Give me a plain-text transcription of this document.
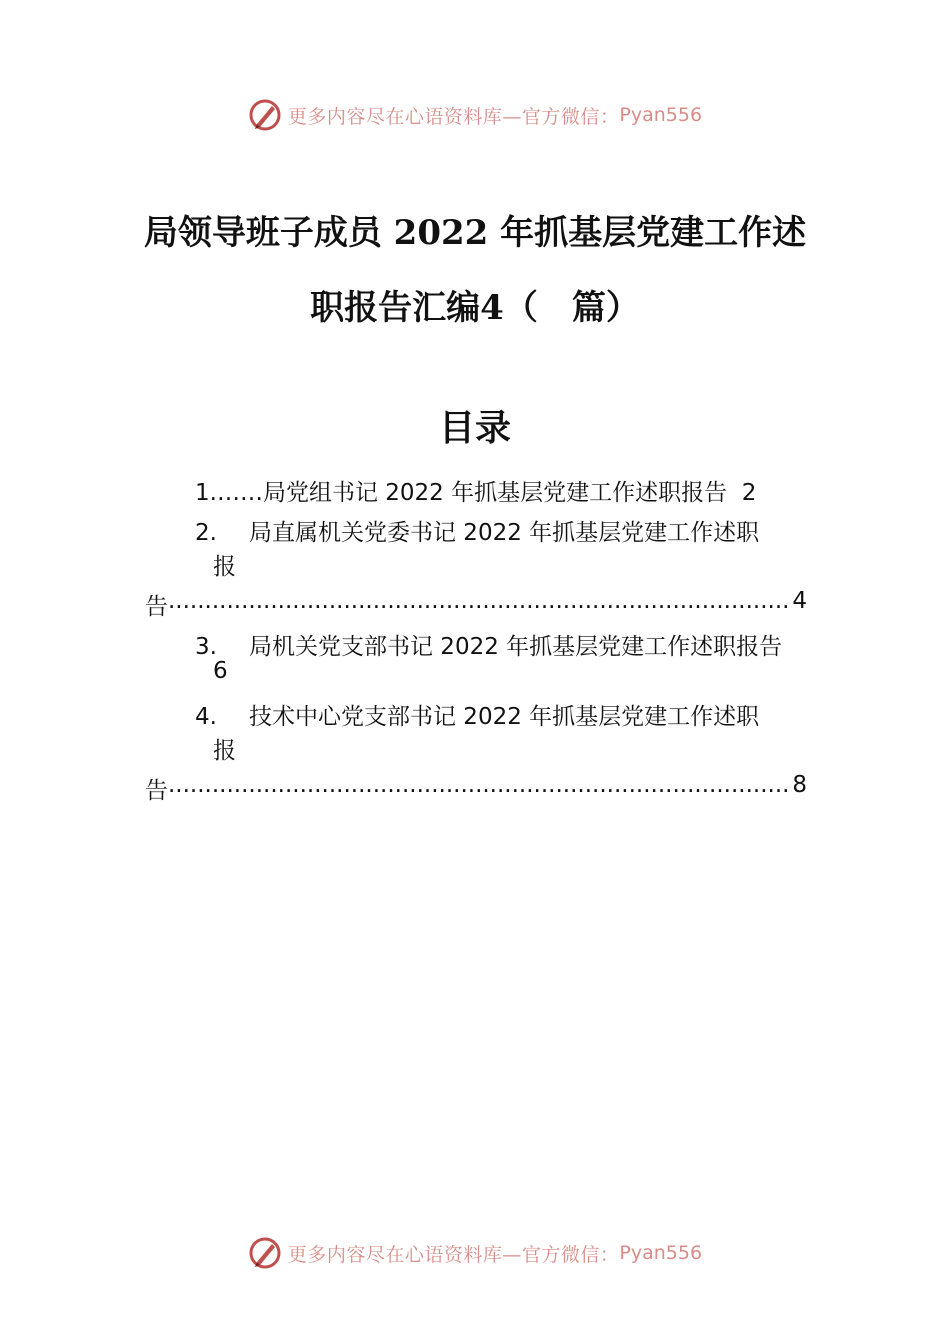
更多内容尽在心语资料库—官方微信： Pyan556
局领导班子成员 2022 年抓基层党建工作述
职报告汇编4（　篇）
目录
1.……局党组书记 2022 年抓基层党建工作述职报告 2
2. 局直属机关党委书记 2022 年抓基层党建工作述职
报
告 .....	4
3. 局机关党支部书记 2022 年抓基层党建工作述职报告
6
4. 技术中心党支部书记 2022 年抓基层党建工作述职
报
告 .....	8
更多内容尽在心语资料库—官方微信： Pyan556
